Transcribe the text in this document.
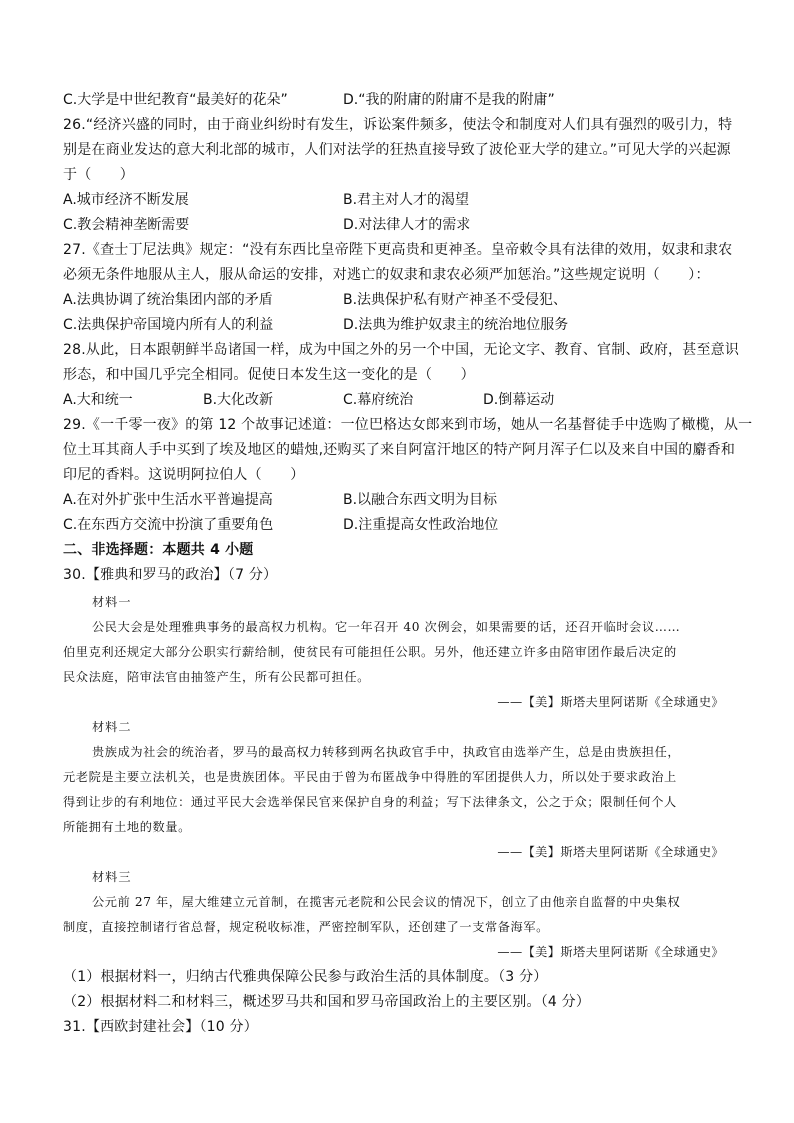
C.大学是中世纪教育“最美好的花朵”	D.“我的附庸的附庸不是我的附庸”
26.“经济兴盛的同时，由于商业纠纷时有发生，诉讼案件频多，使法令和制度对人们具有强烈的吸引力，特
别是在商业发达的意大利北部的城市，人们对法学的狂热直接导致了波伦亚大学的建立。”可见大学的兴起源
于（　　）
A.城市经济不断发展	B.君主对人才的渴望
C.教会精神垄断需要	D.对法律人才的需求
27.《查士丁尼法典》规定：“没有东西比皇帝陛下更高贵和更神圣。皇帝敕令具有法律的效用，奴隶和隶农
必须无条件地服从主人，服从命运的安排，对逃亡的奴隶和隶农必须严加惩治。”这些规定说明（　　）：
A.法典协调了统治集团内部的矛盾	B.法典保护私有财产神圣不受侵犯、
C.法典保护帝国境内所有人的利益	D.法典为维护奴隶主的统治地位服务
28.从此，日本跟朝鲜半岛诸国一样，成为中国之外的另一个中国，无论文字、教育、官制、政府，甚至意识
形态，和中国几乎完全相同。促使日本发生这一变化的是（　　）
A.大和统一	B.大化改新	C.幕府统治	D.倒幕运动
29.《一千零一夜》的第 12 个故事记述道：一位巴格达女郎来到市场，她从一名基督徒手中选购了橄榄，从一
位土耳其商人手中买到了埃及地区的蜡烛,还购买了来自阿富汗地区的特产阿月浑子仁以及来自中国的麝香和
印尼的香料。这说明阿拉伯人（　　）
A.在对外扩张中生活水平普遍提高	B.以融合东西文明为目标
C.在东西方交流中扮演了重要角色	D.注重提高女性政治地位
二、非选择题：本题共 4 小题
30.【雅典和罗马的政治】（7 分）
材料一
公民大会是处理雅典事务的最高权力机构。它一年召开 40 次例会，如果需要的话，还召开临时会议……
伯里克利还规定大部分公职实行薪给制，使贫民有可能担任公职。另外，他还建立许多由陪审团作最后决定的
民众法庭，陪审法官由抽签产生，所有公民都可担任。
——【美】斯塔夫里阿诺斯《全球通史》
材料二
贵族成为社会的统治者，罗马的最高权力转移到两名执政官手中，执政官由选举产生，总是由贵族担任，
元老院是主要立法机关，也是贵族团体。平民由于曾为布匿战争中得胜的军团提供人力，所以处于要求政治上
得到让步的有利地位：通过平民大会选举保民官来保护自身的利益；写下法律条文，公之于众；限制任何个人
所能拥有土地的数量。
——【美】斯塔夫里阿诺斯《全球通史》
材料三
公元前 27 年，屋大维建立元首制，在揽害元老院和公民会议的情况下，创立了由他亲自监督的中央集权
制度，直接控制诸行省总督，规定税收标准，严密控制军队，还创建了一支常备海军。
——【美】斯塔夫里阿诺斯《全球通史》
（1）根据材料一，归纳古代雅典保障公民参与政治生活的具体制度。（3 分）
（2）根据材料二和材料三，概述罗马共和国和罗马帝国政治上的主要区别。（4 分）
31.【西欧封建社会】（10 分）
